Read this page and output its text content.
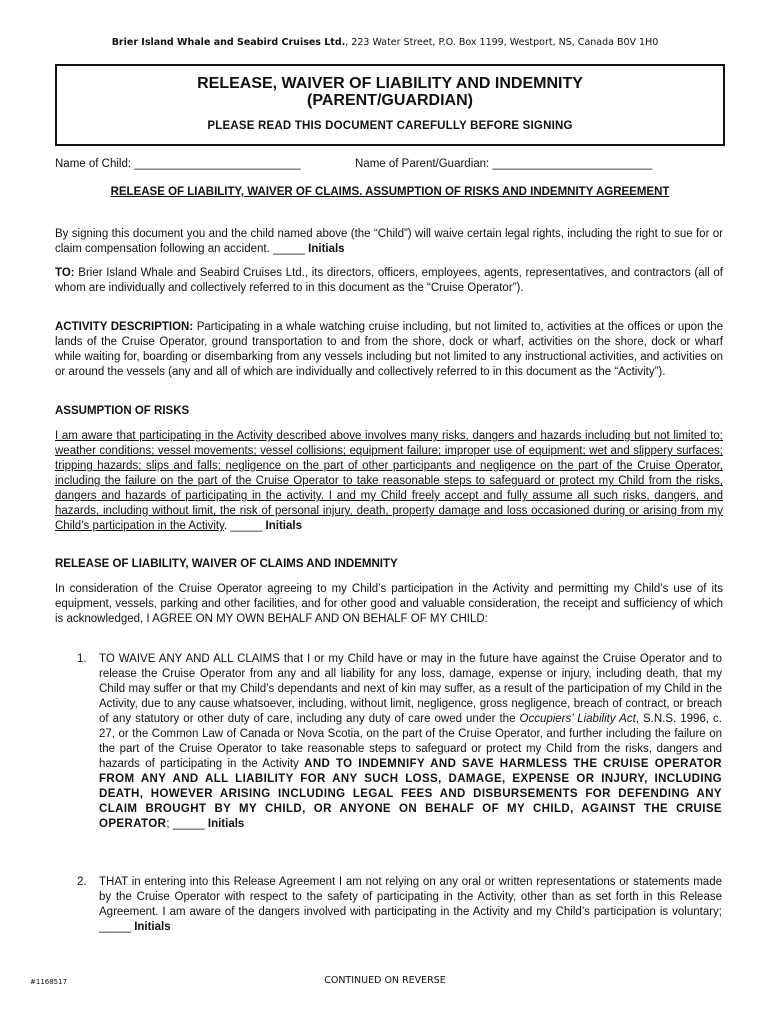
Brier Island Whale and Seabird Cruises Ltd., 223 Water Street, P.O. Box 1199, Westport, NS, Canada B0V 1H0
RELEASE, WAIVER OF LIABILITY AND INDEMNITY
(PARENT/GUARDIAN)
PLEASE READ THIS DOCUMENT CAREFULLY BEFORE SIGNING
Name of Child: __________________________	Name of Parent/Guardian: _________________________
RELEASE OF LIABILITY, WAIVER OF CLAIMS. ASSUMPTION OF RISKS AND INDEMNITY AGREEMENT

By signing this document you and the child named above (the “Child”) will waive certain legal rights, including the right to sue for or claim compensation following an accident. _____ Initials

TO: Brier Island Whale and Seabird Cruises Ltd., its directors, officers, employees, agents, representatives, and contractors (all of whom are individually and collectively referred to in this document as the “Cruise Operator”).

ACTIVITY DESCRIPTION: Participating in a whale watching cruise including, but not limited to, activities at the offices or upon the lands of the Cruise Operator, ground transportation to and from the shore, dock or wharf, activities on the shore, dock or wharf while waiting for, boarding or disembarking from any vessels including but not limited to any instructional activities, and activities on or around the vessels (any and all of which are individually and collectively referred to in this document as the “Activity”).

ASSUMPTION OF RISKS

I am aware that participating in the Activity described above involves many risks, dangers and hazards including but not limited to: weather conditions; vessel movements; vessel collisions; equipment failure; improper use of equipment; wet and slippery surfaces; tripping hazards; slips and falls; negligence on the part of other participants and negligence on the part of the Cruise Operator, including the failure on the part of the Cruise Operator to take reasonable steps to safeguard or protect my Child from the risks, dangers and hazards of participating in the activity. I and my Child freely accept and fully assume all such risks, dangers, and hazards, including without limit, the risk of personal injury, death, property damage and loss occasioned during or arising from my Child’s participation in the Activity. _____ Initials

RELEASE OF LIABILITY, WAIVER OF CLAIMS AND INDEMNITY

In consideration of the Cruise Operator agreeing to my Child’s participation in the Activity and permitting my Child’s use of its equipment, vessels, parking and other facilities, and for other good and valuable consideration, the receipt and sufficiency of which is acknowledged, I AGREE ON MY OWN BEHALF AND ON BEHALF OF MY CHILD:

1. TO WAIVE ANY AND ALL CLAIMS that I or my Child have or may in the future have against the Cruise Operator and to release the Cruise Operator from any and all liability for any loss, damage, expense or injury, including death, that my Child may suffer or that my Child’s dependants and next of kin may suffer, as a result of the participation of my Child in the Activity, due to any cause whatsoever, including, without limit, negligence, gross negligence, breach of contract, or breach of any statutory or other duty of care, including any duty of care owed under the Occupiers’ Liability Act, S.N.S. 1996, c. 27, or the Common Law of Canada or Nova Scotia, on the part of the Cruise Operator, and further including the failure on the part of the Cruise Operator to take reasonable steps to safeguard or protect my Child from the risks, dangers and hazards of participating in the Activity AND TO INDEMNIFY AND SAVE HARMLESS THE CRUISE OPERATOR FROM ANY AND ALL LIABILITY FOR ANY SUCH LOSS, DAMAGE, EXPENSE OR INJURY, INCLUDING DEATH, HOWEVER ARISING INCLUDING LEGAL FEES AND DISBURSEMENTS FOR DEFENDING ANY CLAIM BROUGHT BY MY CHILD, OR ANYONE ON BEHALF OF MY CHILD, AGAINST THE CRUISE OPERATOR; _____ Initials
2. THAT in entering into this Release Agreement I am not relying on any oral or written representations or statements made by the Cruise Operator with respect to the safety of participating in the Activity, other than as set forth in this Release Agreement. I am aware of the dangers involved with participating in the Activity and my Child’s participation is voluntary; _____ Initials
#1168517	CONTINUED ON REVERSE
